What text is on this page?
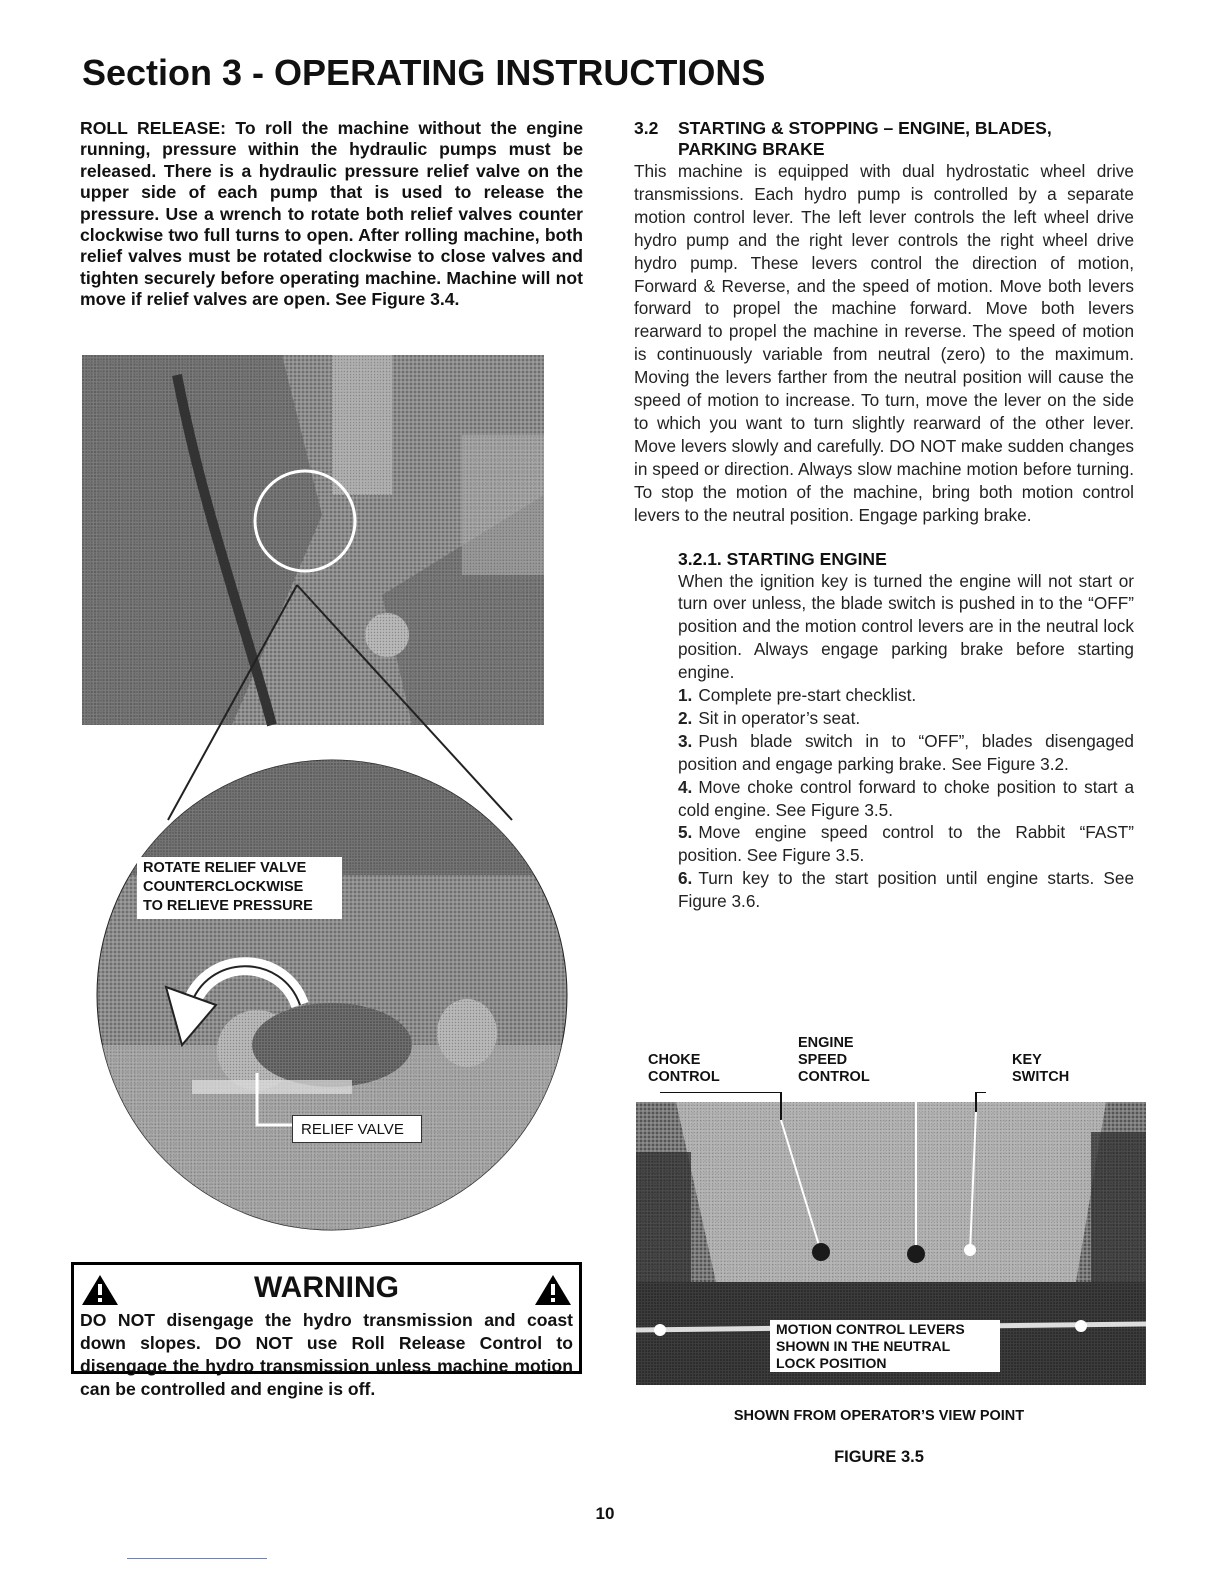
Section 3 - OPERATING INSTRUCTIONS

ROLL RELEASE: To roll the machine without the engine running, pressure within the hydraulic pumps must be released. There is a hydraulic pressure relief valve on the upper side of each pump that is used to release the pressure. Use a wrench to rotate both relief valves counter clockwise two full turns to open. After rolling machine, both relief valves must be rotated clockwise to close valves and tighten securely before operating machine. Machine will not move if relief valves are open. See Figure 3.4.

ROTATE RELIEF VALVE
COUNTERCLOCKWISE
TO RELIEVE PRESSURE
RELIEF VALVE
WARNING

DO NOT disengage the hydro transmission and coast down slopes. DO NOT use Roll Release Control to disengage the hydro transmission unless machine motion can be controlled and engine is off.

3.2 STARTING & STOPPING – ENGINE, BLADES,
PARKING BRAKE

This machine is equipped with dual hydrostatic wheel drive transmissions. Each hydro pump is controlled by a separate motion control lever. The left lever controls the left wheel drive hydro pump and the right lever controls the right wheel drive hydro pump. These levers control the direction of motion, Forward & Reverse, and the speed of motion. Move both levers forward to propel the machine forward. Move both levers rearward to propel the machine in reverse. The speed of motion is continuously variable from neutral (zero) to the maximum. Moving the levers farther from the neutral position will cause the speed of motion to increase. To turn, move the lever on the side to which you want to turn slightly rearward of the other lever. Move levers slowly and carefully. DO NOT make sudden changes in speed or direction. Always slow machine motion before turning. To stop the motion of the machine, bring both motion control levers to the neutral position. Engage parking brake.

3.2.1. STARTING ENGINE

When the ignition key is turned the engine will not start or turn over unless, the blade switch is pushed in to the “OFF” position and the motion control levers are in the neutral lock position. Always engage parking brake before starting engine.

1. Complete pre-start checklist.
2. Sit in operator’s seat.
3. Push blade switch in to “OFF”, blades disengaged position and engage parking brake. See Figure 3.2.
4. Move choke control forward to choke position to start a cold engine. See Figure 3.5.
5. Move engine speed control to the Rabbit “FAST” position. See Figure 3.5.
6. Turn key to the start position until engine starts. See Figure 3.6.
CHOKE
CONTROL
ENGINE
SPEED
CONTROL
KEY
SWITCH
MOTION CONTROL LEVERS
SHOWN IN THE NEUTRAL
LOCK POSITION
SHOWN FROM OPERATOR’S VIEW POINT
FIGURE 3.5
10
